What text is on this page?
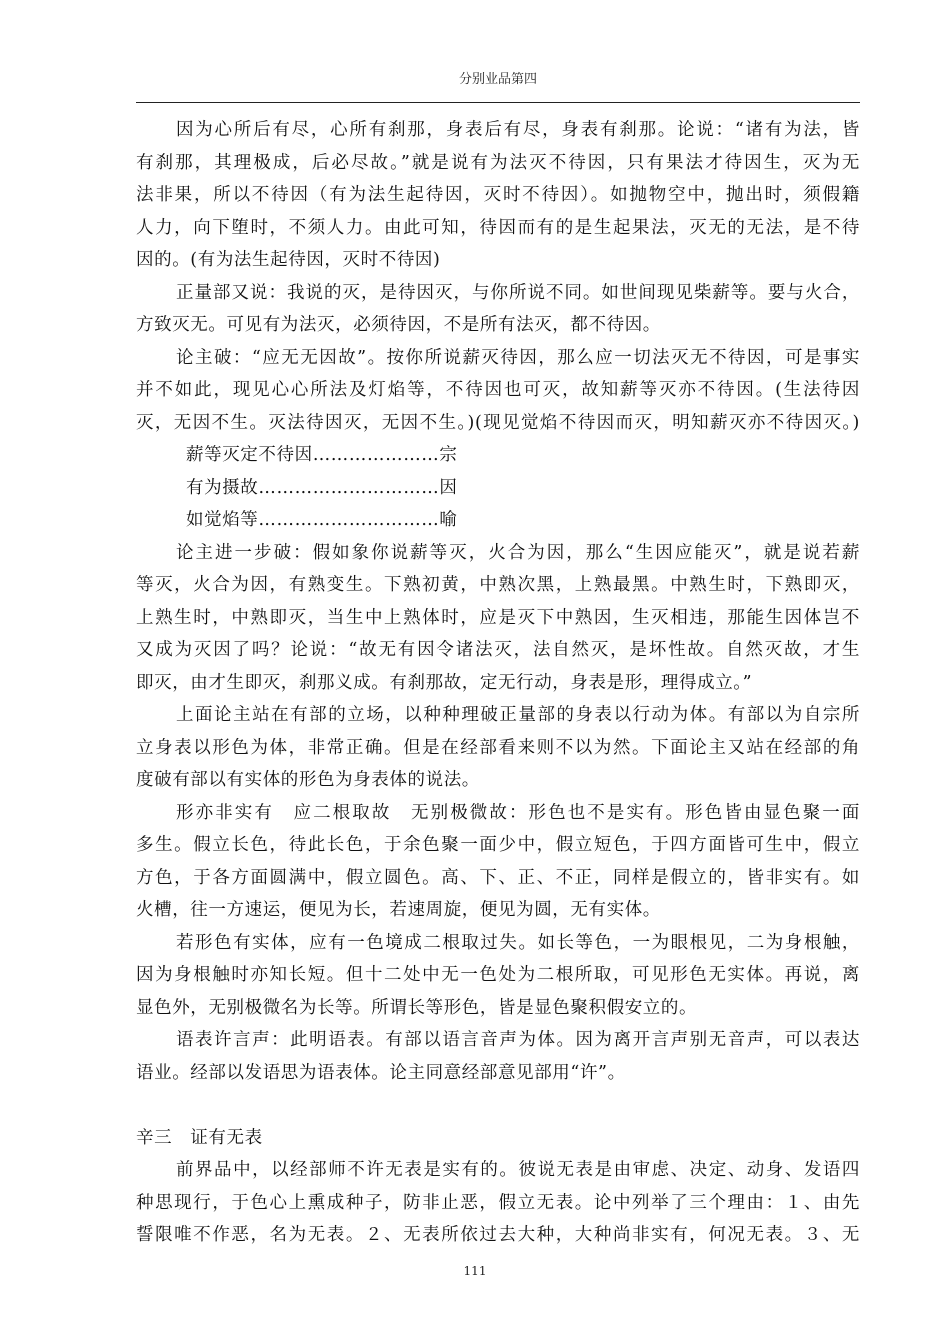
分别业品第四
因为心所后有尽，心所有刹那，身表后有尽，身表有刹那。论说：“诸有为法，皆
有刹那，其理极成，后必尽故。”就是说有为法灭不待因，只有果法才待因生，灭为无
法非果，所以不待因（有为法生起待因，灭时不待因）。如抛物空中，抛出时，须假籍
人力，向下堕时，不须人力。由此可知，待因而有的是生起果法，灭无的无法，是不待
因的。(有为法生起待因，灭时不待因)
正量部又说：我说的灭，是待因灭，与你所说不同。如世间现见柴薪等。要与火合，
方致灭无。可见有为法灭，必须待因，不是所有法灭，都不待因。
论主破：“应无无因故”。按你所说薪灭待因，那么应一切法灭无不待因，可是事实
并不如此，现见心心所法及灯焰等，不待因也可灭，故知薪等灭亦不待因。(生法待因
灭，无因不生。灭法待因灭，无因不生。)(现见觉焰不待因而灭，明知薪灭亦不待因灭。)
薪等灭定不待因…………………宗
有为摄故…………………………因
如觉焰等…………………………喻
论主进一步破：假如象你说薪等灭，火合为因，那么“生因应能灭”，就是说若薪
等灭，火合为因，有熟变生。下熟初黄，中熟次黑，上熟最黑。中熟生时，下熟即灭，
上熟生时，中熟即灭，当生中上熟体时，应是灭下中熟因，生灭相违，那能生因体岂不
又成为灭因了吗？论说：“故无有因令诸法灭，法自然灭，是坏性故。自然灭故，才生
即灭，由才生即灭，刹那义成。有刹那故，定无行动，身表是形，理得成立。”
上面论主站在有部的立场，以种种理破正量部的身表以行动为体。有部以为自宗所
立身表以形色为体，非常正确。但是在经部看来则不以为然。下面论主又站在经部的角
度破有部以有实体的形色为身表体的说法。
形亦非实有　应二根取故　无别极微故：形色也不是实有。形色皆由显色聚一面
多生。假立长色，待此长色，于余色聚一面少中，假立短色，于四方面皆可生中，假立
方色，于各方面圆满中，假立圆色。高、下、正、不正，同样是假立的，皆非实有。如
火槽，往一方速运，便见为长，若速周旋，便见为圆，无有实体。
若形色有实体，应有一色境成二根取过失。如长等色，一为眼根见，二为身根触，
因为身根触时亦知长短。但十二处中无一色处为二根所取，可见形色无实体。再说，离
显色外，无别极微名为长等。所谓长等形色，皆是显色聚积假安立的。
语表许言声：此明语表。有部以语言音声为体。因为离开言声别无音声，可以表达
语业。经部以发语思为语表体。论主同意经部意见部用“许”。
辛三　证有无表
前界品中，以经部师不许无表是实有的。彼说无表是由审虑、决定、动身、发语四
种思现行，于色心上熏成种子，防非止恶，假立无表。论中列举了三个理由：１、由先
誓限唯不作恶，名为无表。２、无表所依过去大种，大种尚非实有，何况无表。３、无
111
